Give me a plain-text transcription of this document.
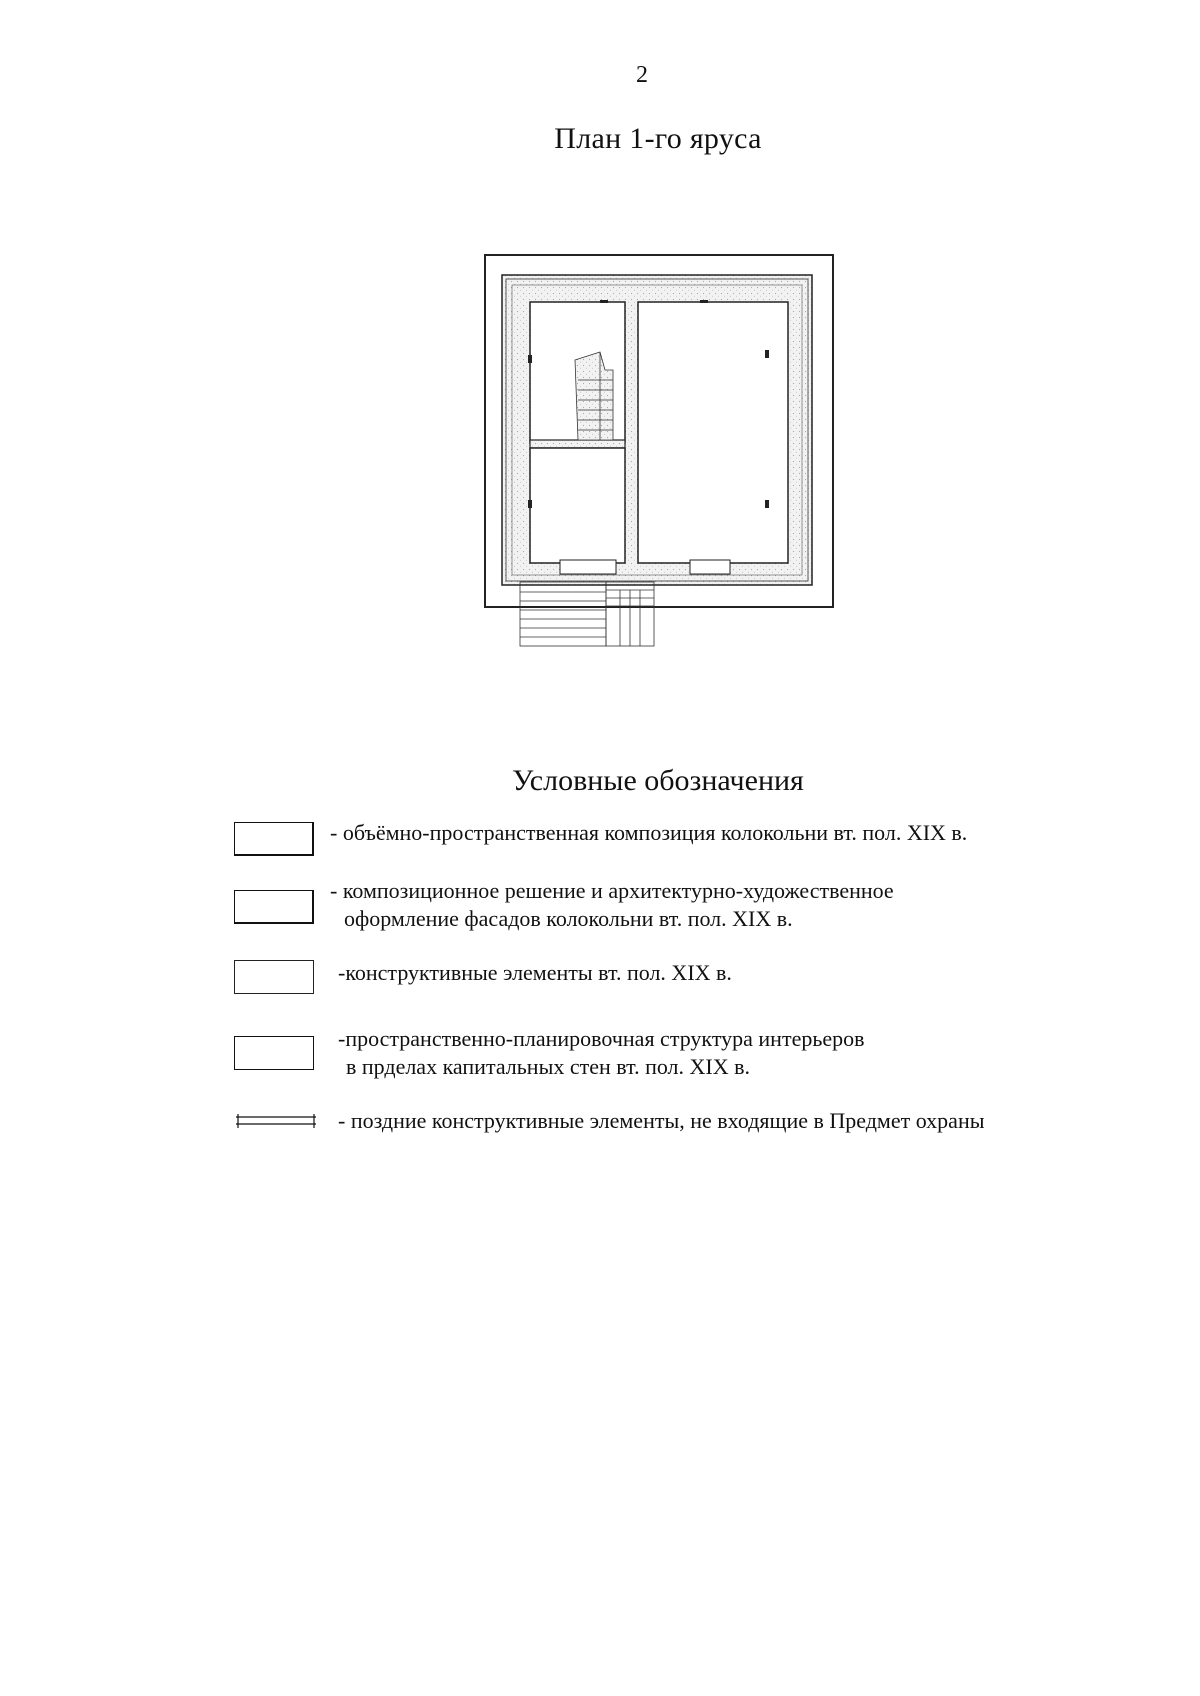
2
План 1-го яруса
Условные обозначения
- объёмно-пространственная композиция колокольни вт. пол. XIX в.
- композиционное решение и архитектурно-художественное
оформление фасадов колокольни вт. пол. XIX в.
-конструктивные элементы вт. пол. XIX в.
-пространственно-планировочная структура интерьеров
в прделах капитальных стен вт. пол. XIX в.
- поздние конструктивные элементы, не входящие в Предмет охраны
